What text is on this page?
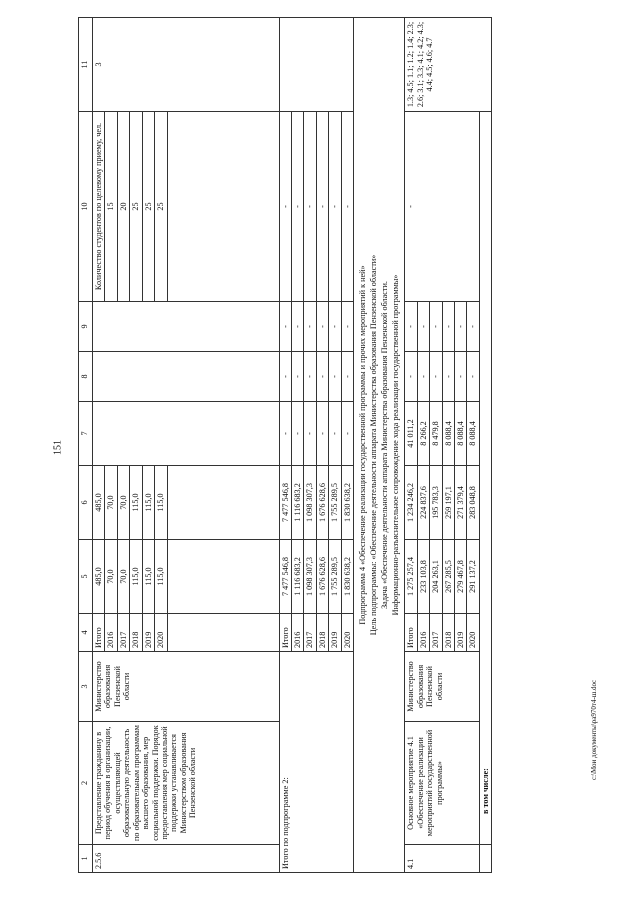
151
c:\Мои документы\ра970т4-ш.doc
1	2	3	4	5	6	7	8	9	10	11
2.5.6	Представление гражданину в период обучения в организации, осуществляющей образовательную деятельность по образовательным программам высшего образования, мер социальной поддержки. Порядок предоставления мер социальной поддержки устанавливается Министерством образования Пензенской области	Министерство образования Пензенской области	Итого	485,0	485,0				Количество студентов по целевому приему, чел.	3
			2016	70,0	70,0				15	
			2017	70,0	70,0				20	
			2018	115,0	115,0				25	
			2019	115,0	115,0				25	
			2020	115,0	115,0				25	

Итого по подпрограмме 2:			Итого	7 477 546,8	7 477 546,8	-	-	-	-	
			2016	1 116 683,2	1 116 683,2	-	-	-	-	
			2017	1 098 307,3	1 098 307,3	-	-	-	-	
			2018	1 676 628,6	1 676 628,6	-	-	-	-	
			2019	1 755 289,5	1 755 289,5	-	-	-	-	
			2020	1 830 638,2	1 830 638,2	-	-	-	-	

Подпрограмма 4 «Обеспечение реализации государственной программы и прочих мероприятий к ней» Цель подпрограммы: «Обеспечение деятельности аппарата Министерства образования Пензенской области» Задача «Обеспечение деятельности аппарата Министерства образования Пензенской области. Информационно-разъяснительное сопровождение хода реализации государственной программы»										

4.1	Основное мероприятие 4.1 «Обеспечение реализации мероприятий государственной программы»	Министерство образования Пензенской области	Итого	1 275 257,4	1 234 246,2	41 011,2	-	-	-	1.3; 4.5; 1.1; 1.2; 1.4; 2.3; 2.6; 3.1; 3.3; 4.1; 4.2; 4.3; 4.4; 4.5; 4.6; 4.7
			2016	233 103,8	224 837,6	8 266,2	-	-		
			2017	204 263,1	195 783,3	8 479,8	-	-		
			2018	267 285,5	259 197,1	8 088,4	-	-		
			2019	279 467,8	271 379,4	8 088,4	-	-		
			2020	291 137,2	283 048,8	8 088,4	-	-		
	в том числе:									
